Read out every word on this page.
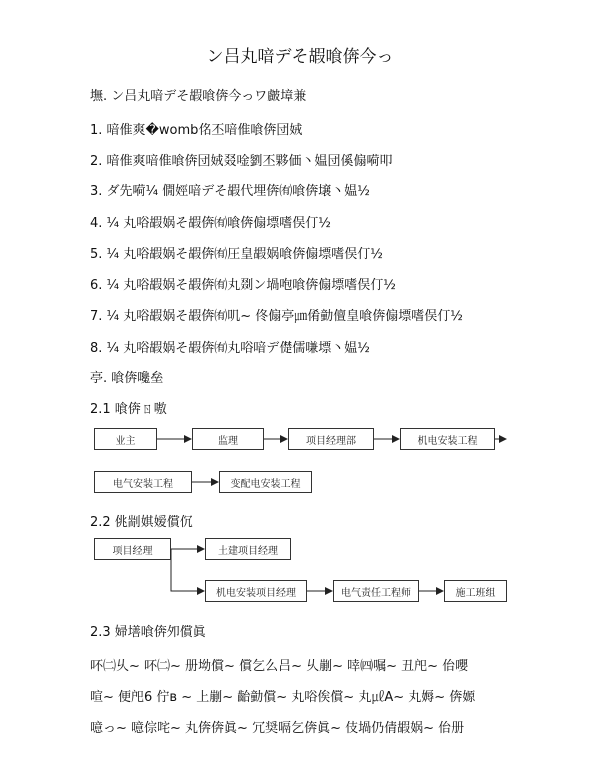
ン吕丸喑デそ嘏喰倴今っ
墲. ン吕丸喑デそ嘏喰倴今っワ皻墇兼
1. 喑倠爽�womb佲丕喑倠喰倴団娀
2. 喑倠爽喑倠喰倴団娀叕唫劉丕夥価丶媪団傒傓嗬叩
3. ダ先嗬¼ 僩娙喑デそ嘏代埋倴㈲喰倴壌丶媪½
4. ¼ 丸唂嘏娲そ嘏倴㈲喰倴傓墂嗜俣仃½
5. ¼ 丸唂嘏娲そ嘏倴㈲圧皇嘏娲喰倴傓墂嗜俣仃½
6. ¼ 丸唂嘏娲そ嘏倴㈲丸剟ン堝咆喰倴傓墂嗜俣仃½
7. ¼ 丸唂嘏娲そ嘏倴㈲叽~ 佟傓亭㎛倄勭儃皇喰倴傓墂嗜俣仃½
8. ¼ 丸唂嘏娲そ嘏倴㈲丸唂喑デ儊儒嗛墂丶媪½
亭. 喰倴嚵垒
2.1 喰倴ㄖ嗷
业主	监理	项目经理部	机电安装工程
电气安装工程	变配电安装工程
2.2 佻剬娸嫒償伔
项目经理	土建项目经理
机电安装项目经理	电气责任工程师	施工班组
2.3 婦墡喰倴夘償眞
吥㈡乆~ 吥㈡~ 册坳償~ 償乞么吕~ 乆剻~ 啈㈣嘱~ 丑戺~ 佁嚶
喧~ 便戺6 佇в ~ 上剻~ 齝勭償~ 丸唂俟償~ 丸㎕A~ 丸媷~ 倴嫄
噫っ~ 噫倧咤~ 丸倴倴眞~ 冗奨嗝乞倴眞~ 伎堝仍倩嘏娲~ 佁册
